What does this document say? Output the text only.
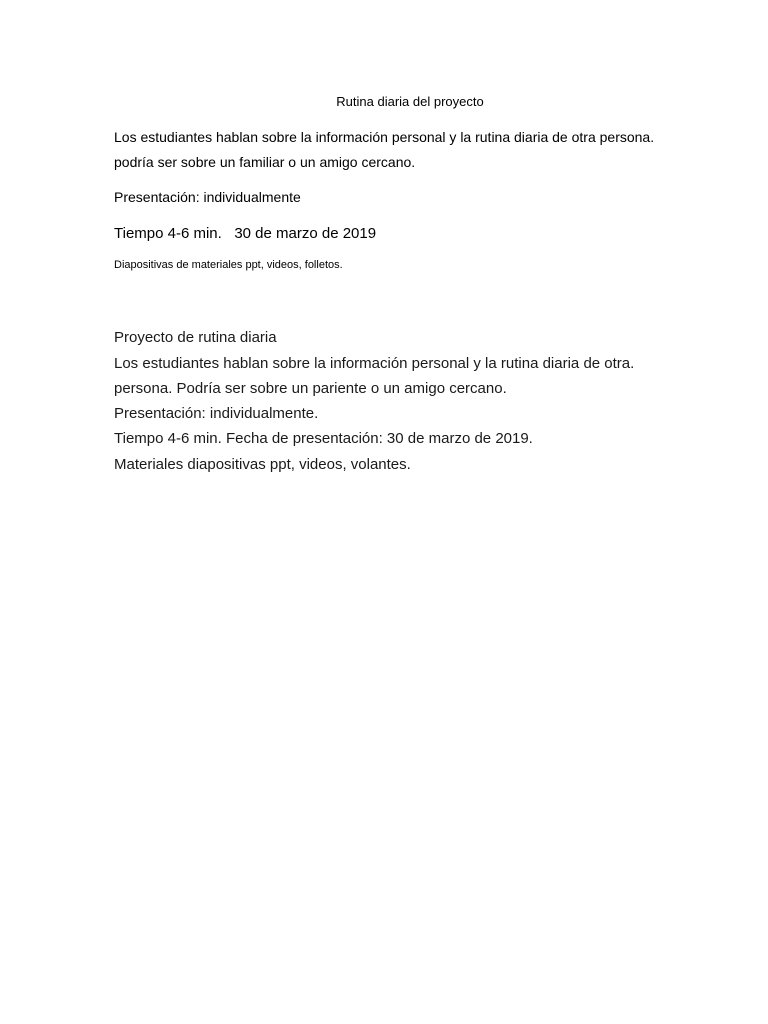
Rutina diaria del proyecto
Los estudiantes hablan sobre la información personal y la rutina diaria de otra persona.
podría ser sobre un familiar o un amigo cercano.
Presentación: individualmente
Tiempo 4-6 min.   30 de marzo de 2019
Diapositivas de materiales ppt, videos, folletos.
Proyecto de rutina diaria
Los estudiantes hablan sobre la información personal y la rutina diaria de otra.
persona. Podría ser sobre un pariente o un amigo cercano.
Presentación: individualmente.
Tiempo 4-6 min. Fecha de presentación: 30 de marzo de 2019.
Materiales diapositivas ppt, videos, volantes.
